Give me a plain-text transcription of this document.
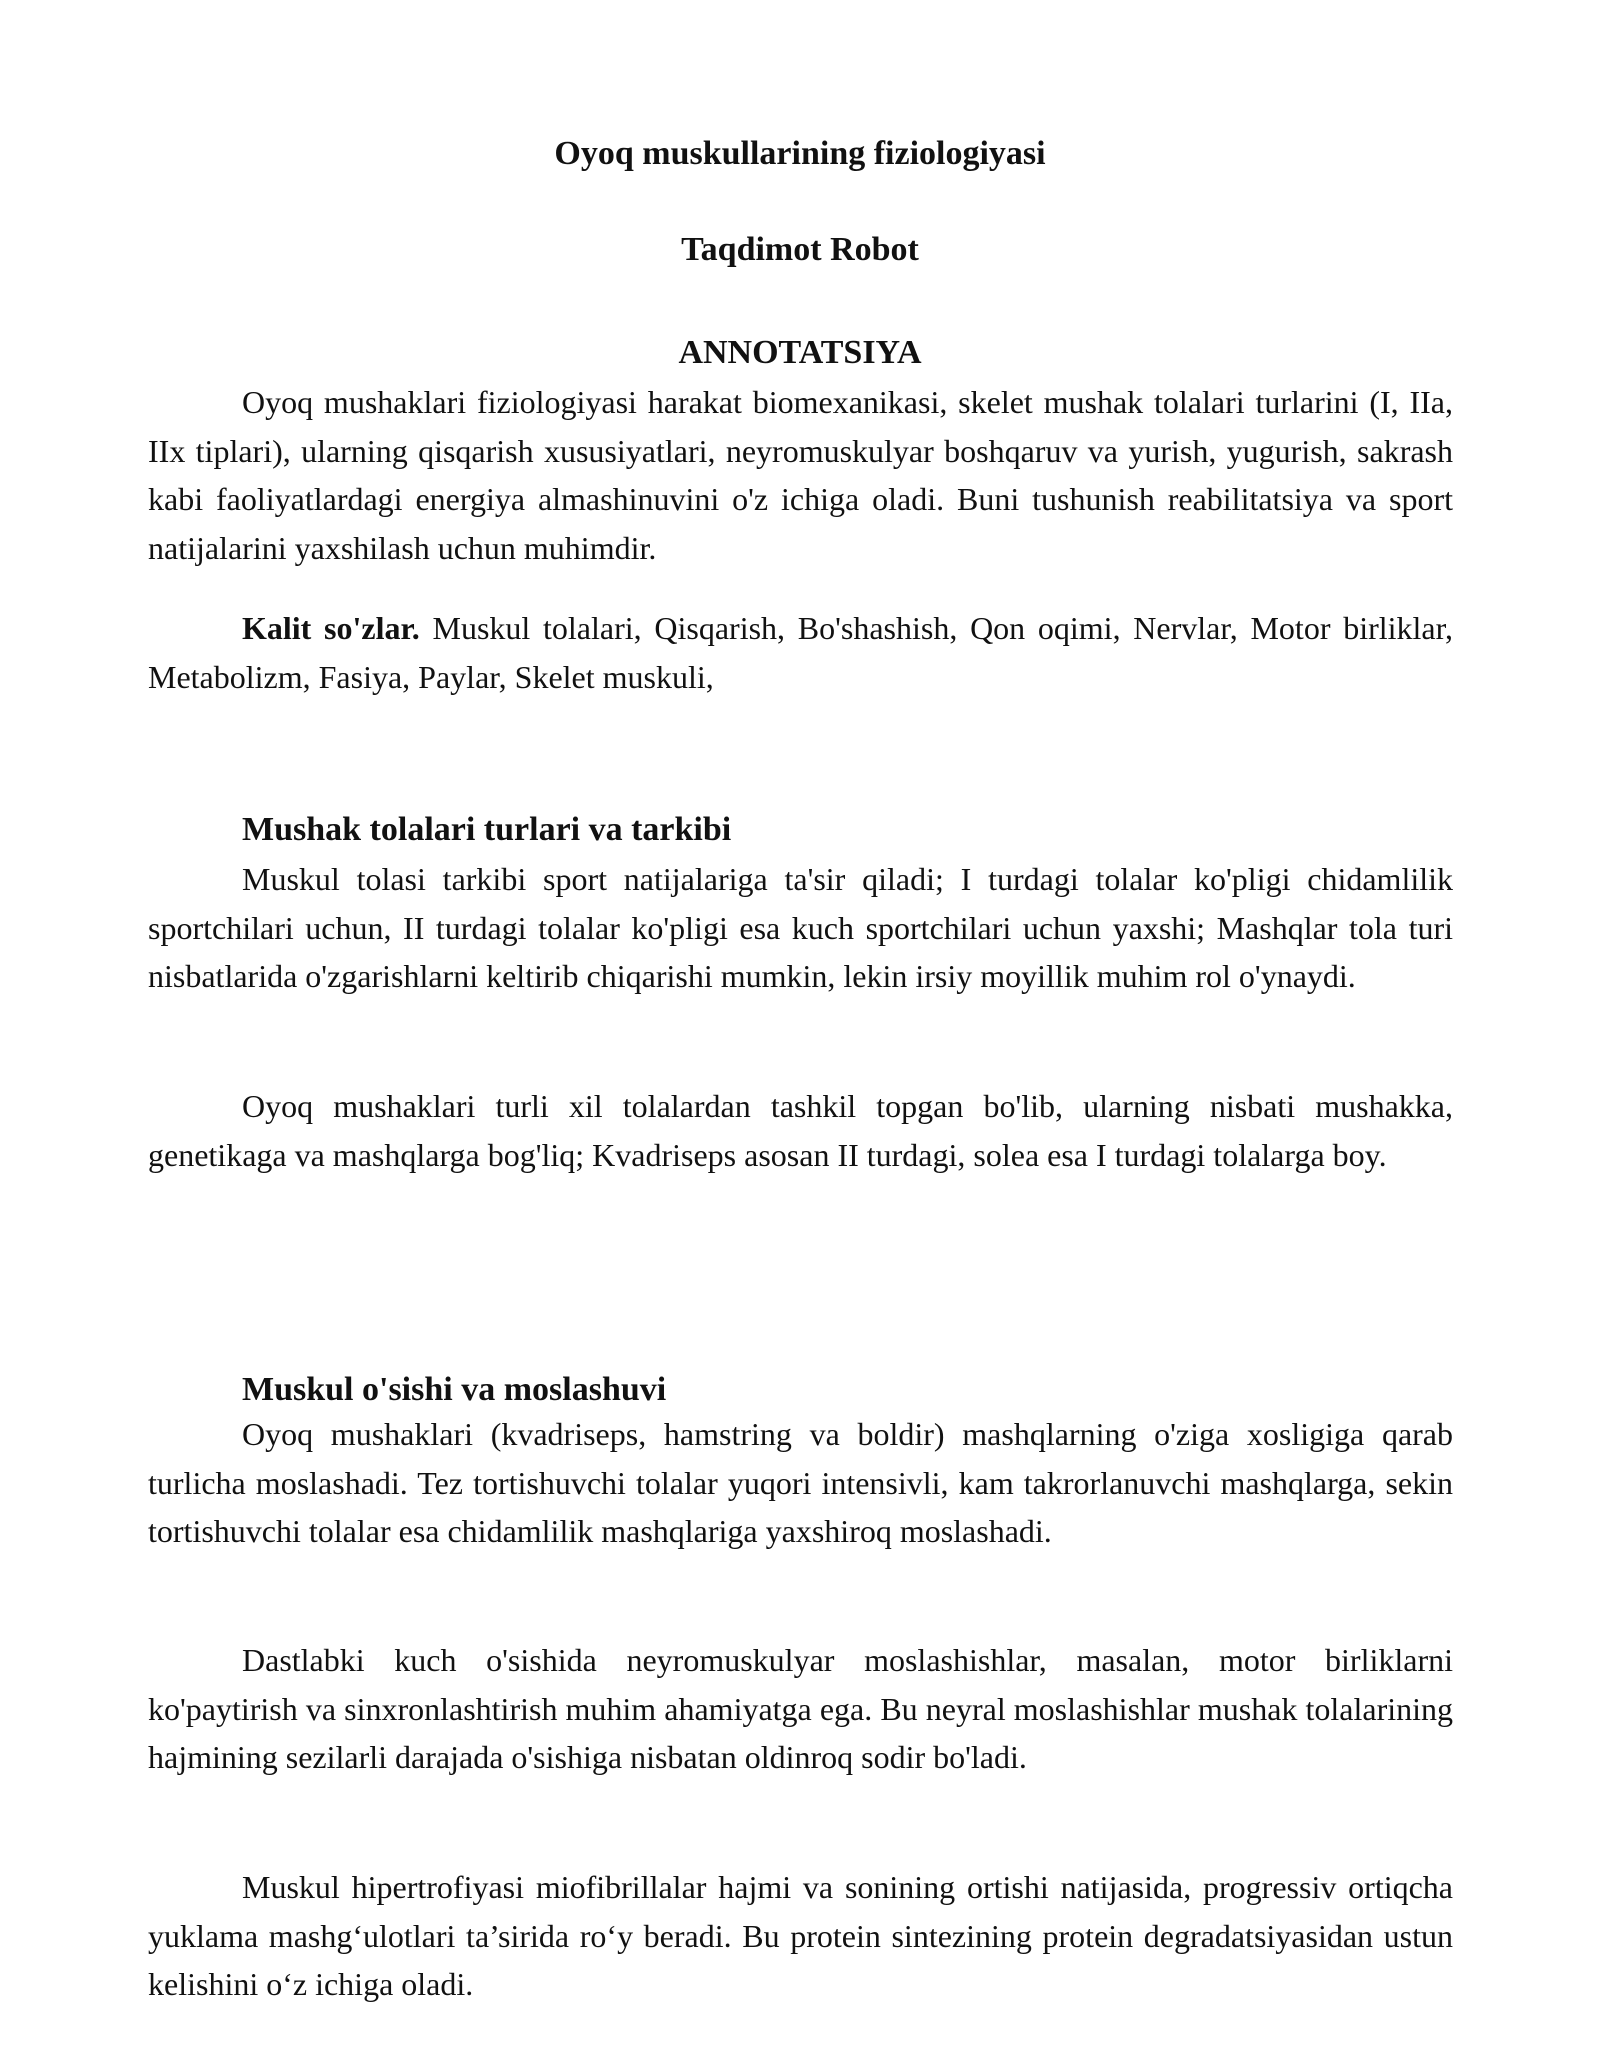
Oyoq muskullarining fiziologiyasi

Taqdimot Robot

ANNOTATSIYA

Oyoq mushaklari fiziologiyasi harakat biomexanikasi, skelet mushak tolalari turlarini (I, IIa, IIx tiplari), ularning qisqarish xususiyatlari, neyromuskulyar boshqaruv va yurish, yugurish, sakrash kabi faoliyatlardagi energiya almashinuvini o'z ichiga oladi. Buni tushunish reabilitatsiya va sport natijalarini yaxshilash uchun muhimdir.

Kalit so'zlar. Muskul tolalari, Qisqarish, Bo'shashish, Qon oqimi, Nervlar, Motor birliklar, Metabolizm, Fasiya, Paylar, Skelet muskuli,

Mushak tolalari turlari va tarkibi

Muskul tolasi tarkibi sport natijalariga ta'sir qiladi; I turdagi tolalar ko'pligi chidamlilik sportchilari uchun, II turdagi tolalar ko'pligi esa kuch sportchilari uchun yaxshi; Mashqlar tola turi nisbatlarida o'zgarishlarni keltirib chiqarishi mumkin, lekin irsiy moyillik muhim rol o'ynaydi.

Oyoq mushaklari turli xil tolalardan tashkil topgan bo'lib, ularning nisbati mushakka, genetikaga va mashqlarga bog'liq; Kvadriseps asosan II turdagi, solea esa I turdagi tolalarga boy.

Muskul o'sishi va moslashuvi

Oyoq mushaklari (kvadriseps, hamstring va boldir) mashqlarning o'ziga xosligiga qarab turlicha moslashadi. Tez tortishuvchi tolalar yuqori intensivli, kam takrorlanuvchi mashqlarga, sekin tortishuvchi tolalar esa chidamlilik mashqlariga yaxshiroq moslashadi.

Dastlabki kuch o'sishida neyromuskulyar moslashishlar, masalan, motor birliklarni ko'paytirish va sinxronlashtirish muhim ahamiyatga ega. Bu neyral moslashishlar mushak tolalarining hajmining sezilarli darajada o'sishiga nisbatan oldinroq sodir bo'ladi.

Muskul hipertrofiyasi miofibrillalar hajmi va sonining ortishi natijasida, progressiv ortiqcha yuklama mashg‘ulotlari ta’sirida ro‘y beradi. Bu protein sintezining protein degradatsiyasidan ustun kelishini o‘z ichiga oladi.
